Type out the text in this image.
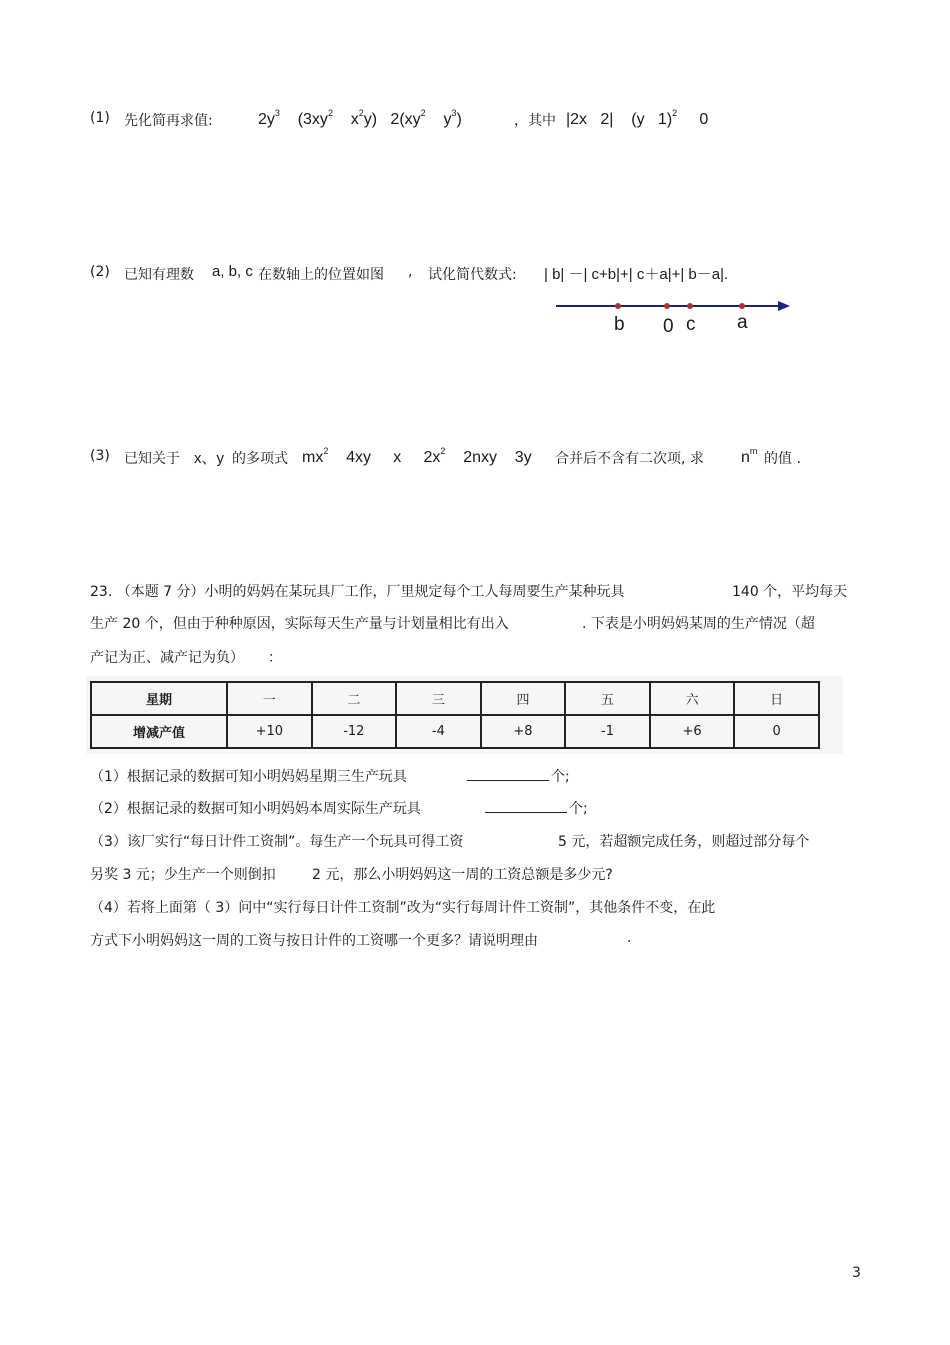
(1) 先化简再求值:	$2y^3$ ($3xy^2$ $x^2y$) $2(xy^2$ $y^3$)	，其中 |2x 2| (y 1)$^2$ 0
(2) 已知有理数 a, b, c 在数轴上的位置如图 , 试化简代数式: | b| －| c+b|+| c＋a|+| b－a|.
b 0 c a
(3) 已知关于 x、y 的多项式 $mx^2$ 4xy x $2x^2$ 2nxy 3y 合并后不含有二次项, 求 $n^m$ 的值 .
23. （本题 7 分）小明的妈妈在某玩具厂工作，厂里规定每个工人每周要生产某种玩具	140 个，平均每天
生产 20 个，但由于种种原因，实际每天生产量与计划量相比有出入	. 下表是小明妈妈某周的生产情况（超
产记为正、减产记为负） ：
星期	一	二	三	四	五	六	日
增减产值	+10	-12	-4	+8	-1	+6	0
（1）根据记录的数据可知小明妈妈星期三生产玩具	个;
（2）根据记录的数据可知小明妈妈本周实际生产玩具	个;
（3）该厂实行“每日计件工资制”。每生产一个玩具可得工资	5 元，若超额完成任务，则超过部分每个
另奖 3 元；少生产一个则倒扣	2 元，那么小明妈妈这一周的工资总额是多少元?
（4）若将上面第（ 3）问中“实行每日计件工资制”改为“实行每周计件工资制”，其他条件不变，在此
方式下小明妈妈这一周的工资与按日计件的工资哪一个更多？请说明理由	.
3
